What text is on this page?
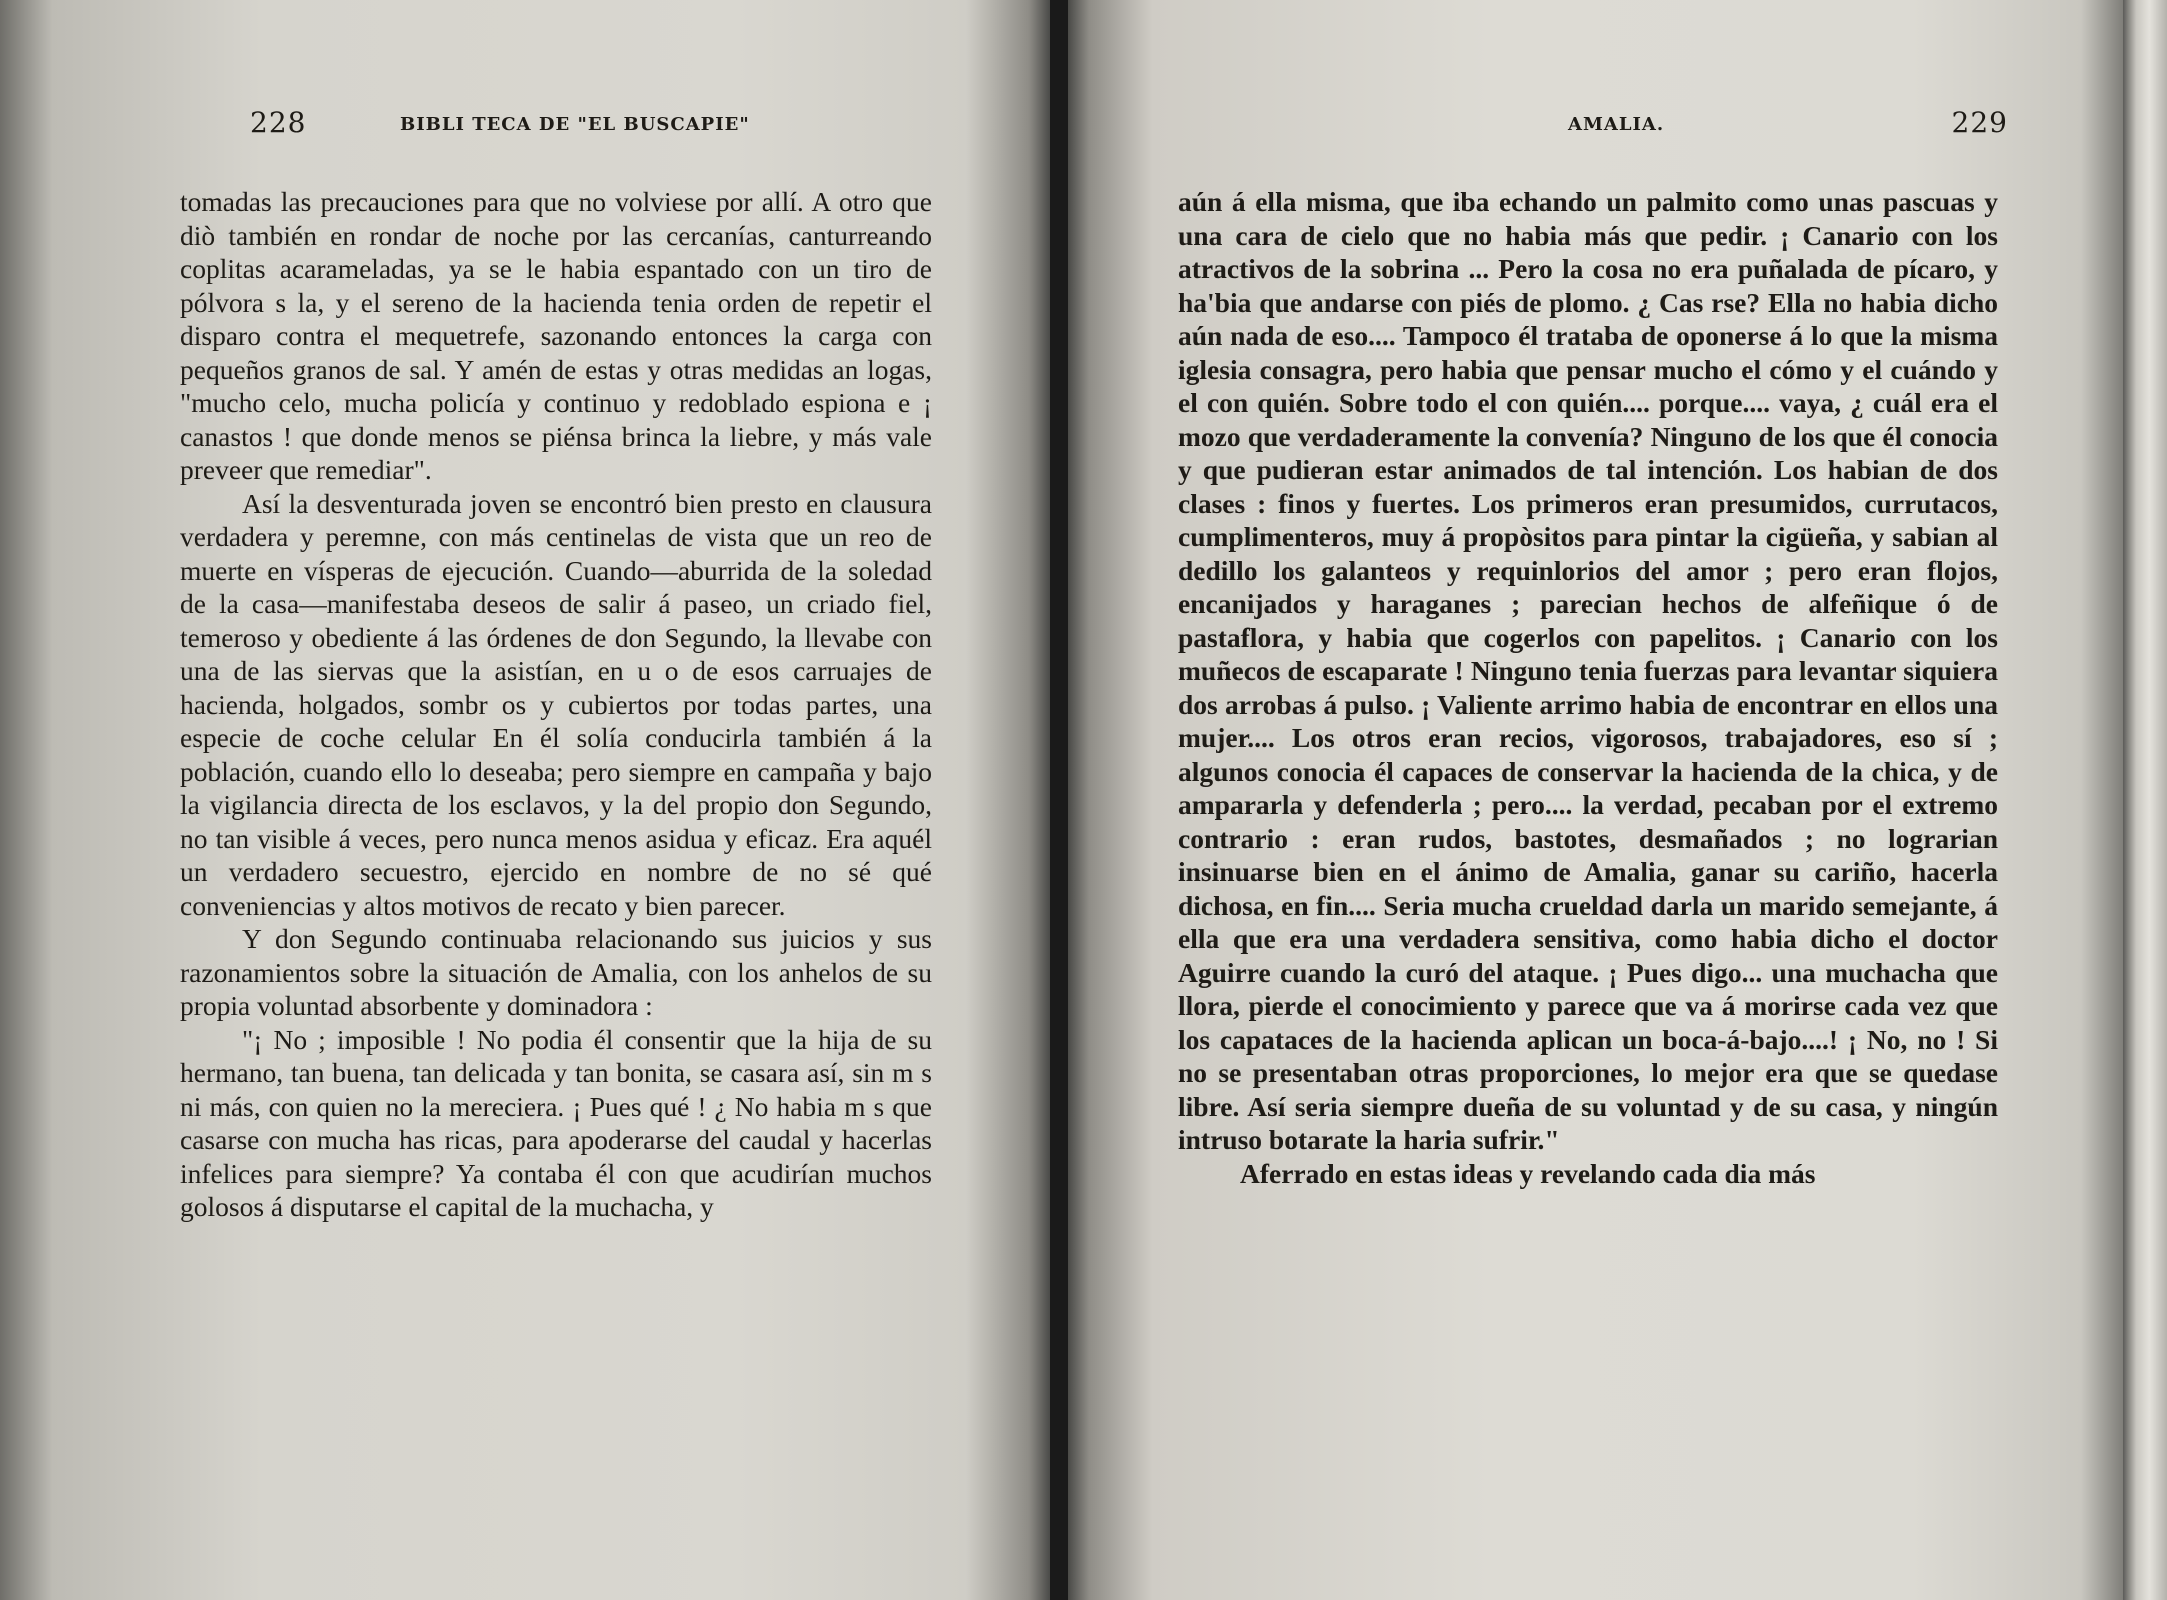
228	BIBLI TECA DE "EL BUSCAPIE"

tomadas las precauciones para que no volviese por allí. A otro que diò también en rondar de noche por las cercanías, canturreando coplitas acarameladas, ya se le habia espantado con un tiro de pólvora s la, y el sereno de la hacienda tenia orden de repetir el disparo contra el mequetrefe, sazonando entonces la carga con pequeños granos de sal. Y amén de estas y otras medidas an logas, "mucho celo, mucha policía y continuo y redoblado espiona e ¡ canastos ! que donde menos se piénsa brinca la liebre, y más vale preveer que remediar".

Así la desventurada joven se encontró bien presto en clausura verdadera y peremne, con más centinelas de vista que un reo de muerte en vísperas de ejecución. Cuando—aburrida de la soledad de la casa—manifestaba deseos de salir á paseo, un criado fiel, temeroso y obediente á las órdenes de don Segundo, la llevabe con una de las siervas que la asistían, en u o de esos carruajes de hacienda, holgados, sombr os y cubiertos por todas partes, una especie de coche celular En él solía conducirla también á la población, cuando ello lo deseaba; pero siempre en campaña y bajo la vigilancia directa de los esclavos, y la del propio don Segundo, no tan visible á veces, pero nunca menos asidua y eficaz. Era aquél un verdadero secuestro, ejercido en nombre de no sé qué conveniencias y altos motivos de recato y bien parecer.

Y don Segundo continuaba relacionando sus juicios y sus razonamientos sobre la situación de Amalia, con los anhelos de su propia voluntad absorbente y dominadora :

"¡ No ; imposible ! No podia él consentir que la hija de su hermano, tan buena, tan delicada y tan bonita, se casara así, sin m s ni más, con quien no la mereciera. ¡ Pues qué ! ¿ No habia m s que casarse con mucha has ricas, para apoderarse del caudal y hacerlas infelices para siempre? Ya contaba él con que acudirían muchos golosos á disputarse el capital de la muchacha, y

AMALIA.	229

aún á ella misma, que iba echando un palmito como unas pascuas y una cara de cielo que no habia más que pedir. ¡ Canario con los atractivos de la sobrina ... Pero la cosa no era puñalada de pícaro, y ha'bia que andarse con piés de plomo. ¿ Cas rse? Ella no habia dicho aún nada de eso.... Tampoco él trataba de oponerse á lo que la misma iglesia consagra, pero habia que pensar mucho el cómo y el cuándo y el con quién. Sobre todo el con quién.... porque.... vaya, ¿ cuál era el mozo que verdaderamente la convenía? Ninguno de los que él conocia y que pudieran estar animados de tal intención. Los habian de dos clases : finos y fuertes. Los primeros eran presumidos, currutacos, cumplimenteros, muy á propòsitos para pintar la cigüeña, y sabian al dedillo los galanteos y requinlorios del amor ; pero eran flojos, encanijados y haraganes ; parecian hechos de alfeñique ó de pastaflora, y habia que cogerlos con papelitos. ¡ Canario con los muñecos de escaparate ! Ninguno tenia fuerzas para levantar siquiera dos arrobas á pulso. ¡ Valiente arrimo habia de encontrar en ellos una mujer.... Los otros eran recios, vigorosos, trabajadores, eso sí ; algunos conocia él capaces de conservar la hacienda de la chica, y de ampararla y defenderla ; pero.... la verdad, pecaban por el extremo contrario : eran rudos, bastotes, desmañados ; no lograrian insinuarse bien en el ánimo de Amalia, ganar su cariño, hacerla dichosa, en fin.... Seria mucha crueldad darla un marido semejante, á ella que era una verdadera sensitiva, como habia dicho el doctor Aguirre cuando la curó del ataque. ¡ Pues digo... una muchacha que llora, pierde el conocimiento y parece que va á morirse cada vez que los capataces de la hacienda aplican un boca-á-bajo....! ¡ No, no ! Si no se presentaban otras proporciones, lo mejor era que se quedase libre. Así seria siempre dueña de su voluntad y de su casa, y ningún intruso botarate la haria sufrir."

Aferrado en estas ideas y revelando cada dia más
